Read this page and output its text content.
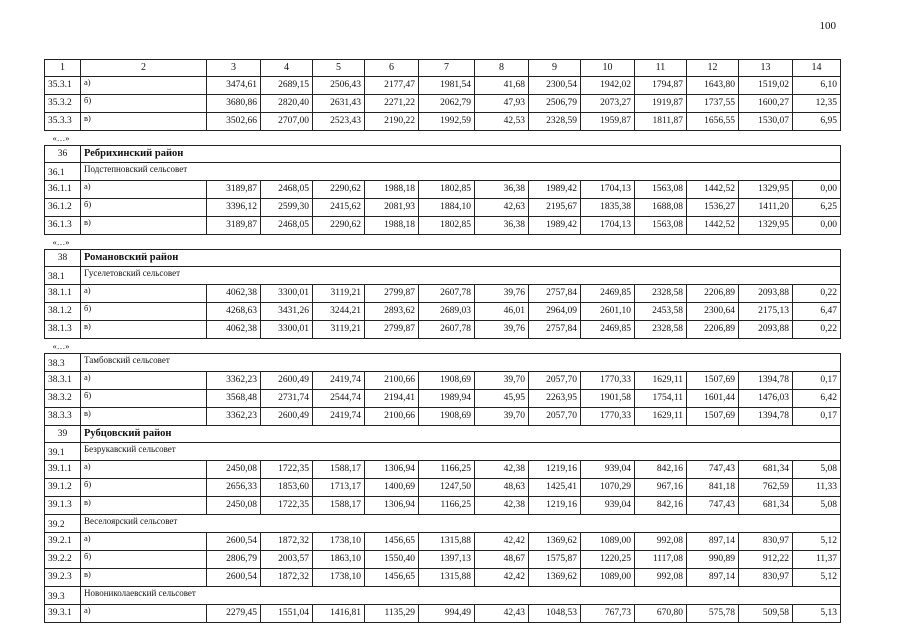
100
1	2	3	4	5	6	7	8	9	10	11	12	13	14
35.3.1	а)	3474,61	2689,15	2506,43	2177,47	1981,54	41,68	2300,54	1942,02	1794,87	1643,80	1519,02	6,10
35.3.2	б)	3680,86	2820,40	2631,43	2271,22	2062,79	47,93	2506,79	2073,27	1919,87	1737,55	1600,27	12,35
35.3.3	в)	3502,66	2707,00	2523,43	2190,22	1992,59	42,53	2328,59	1959,87	1811,87	1656,55	1530,07	6,95
«…»													
36	Ребрихинский район												
36.1	Подстепновский сельсовет												
36.1.1	а)	3189,87	2468,05	2290,62	1988,18	1802,85	36,38	1989,42	1704,13	1563,08	1442,52	1329,95	0,00
36.1.2	б)	3396,12	2599,30	2415,62	2081,93	1884,10	42,63	2195,67	1835,38	1688,08	1536,27	1411,20	6,25
36.1.3	в)	3189,87	2468,05	2290,62	1988,18	1802,85	36,38	1989,42	1704,13	1563,08	1442,52	1329,95	0,00
«…»													
38	Романовский район												
38.1	Гуселетовский сельсовет												
38.1.1	а)	4062,38	3300,01	3119,21	2799,87	2607,78	39,76	2757,84	2469,85	2328,58	2206,89	2093,88	0,22
38.1.2	б)	4268,63	3431,26	3244,21	2893,62	2689,03	46,01	2964,09	2601,10	2453,58	2300,64	2175,13	6,47
38.1.3	в)	4062,38	3300,01	3119,21	2799,87	2607,78	39,76	2757,84	2469,85	2328,58	2206,89	2093,88	0,22
«…»													
38.3	Тамбовский сельсовет												
38.3.1	а)	3362,23	2600,49	2419,74	2100,66	1908,69	39,70	2057,70	1770,33	1629,11	1507,69	1394,78	0,17
38.3.2	б)	3568,48	2731,74	2544,74	2194,41	1989,94	45,95	2263,95	1901,58	1754,11	1601,44	1476,03	6,42
38.3.3	в)	3362,23	2600,49	2419,74	2100,66	1908,69	39,70	2057,70	1770,33	1629,11	1507,69	1394,78	0,17
39	Рубцовский район												
39.1	Безрукавский сельсовет												
39.1.1	а)	2450,08	1722,35	1588,17	1306,94	1166,25	42,38	1219,16	939,04	842,16	747,43	681,34	5,08
39.1.2	б)	2656,33	1853,60	1713,17	1400,69	1247,50	48,63	1425,41	1070,29	967,16	841,18	762,59	11,33
39.1.3	в)	2450,08	1722,35	1588,17	1306,94	1166,25	42,38	1219,16	939,04	842,16	747,43	681,34	5,08
39.2	Веселоярский сельсовет												
39.2.1	а)	2600,54	1872,32	1738,10	1456,65	1315,88	42,42	1369,62	1089,00	992,08	897,14	830,97	5,12
39.2.2	б)	2806,79	2003,57	1863,10	1550,40	1397,13	48,67	1575,87	1220,25	1117,08	990,89	912,22	11,37
39.2.3	в)	2600,54	1872,32	1738,10	1456,65	1315,88	42,42	1369,62	1089,00	992,08	897,14	830,97	5,12
39.3	Новониколаевский сельсовет												
39.3.1	а)	2279,45	1551,04	1416,81	1135,29	994,49	42,43	1048,53	767,73	670,80	575,78	509,58	5,13
